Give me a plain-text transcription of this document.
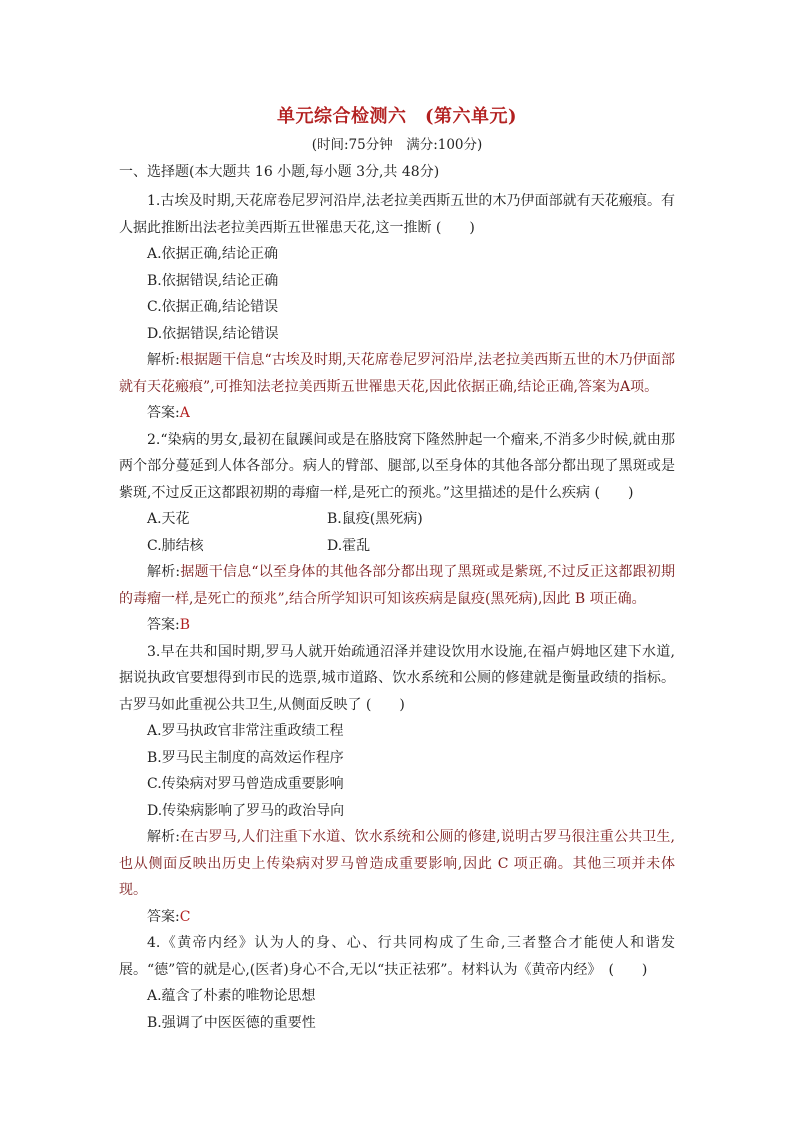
单元综合检测六　(第六单元)
(时间:75分钟　满分:100分)
一、选择题(本大题共 16 小题,每小题 3分,共 48分)

1.古埃及时期,天花席卷尼罗河沿岸,法老拉美西斯五世的木乃伊面部就有天花瘢痕。有人据此推断出法老拉美西斯五世罹患天花,这一推断 (　　)

A.依据正确,结论正确

B.依据错误,结论正确

C.依据正确,结论错误

D.依据错误,结论错误

解析:根据题干信息“古埃及时期,天花席卷尼罗河沿岸,法老拉美西斯五世的木乃伊面部就有天花瘢痕”,可推知法老拉美西斯五世罹患天花,因此依据正确,结论正确,答案为A项。

答案:A

2.“染病的男女,最初在鼠蹊间或是在胳肢窝下隆然肿起一个瘤来,不消多少时候,就由那两个部分蔓延到人体各部分。病人的臂部、腿部,以至身体的其他各部分都出现了黑斑或是紫斑,不过反正这都跟初期的毒瘤一样,是死亡的预兆。”这里描述的是什么疾病 (　　)

A.天花	B.鼠疫(黑死病)
C.肺结核	D.霍乱

解析:据题干信息“以至身体的其他各部分都出现了黑斑或是紫斑,不过反正这都跟初期的毒瘤一样,是死亡的预兆”,结合所学知识可知该疾病是鼠疫(黑死病),因此 B 项正确。

答案:B

3.早在共和国时期,罗马人就开始疏通沼泽并建设饮用水设施,在福卢姆地区建下水道,据说执政官要想得到市民的选票,城市道路、饮水系统和公厕的修建就是衡量政绩的指标。古罗马如此重视公共卫生,从侧面反映了 (　　)

A.罗马执政官非常注重政绩工程

B.罗马民主制度的高效运作程序

C.传染病对罗马曾造成重要影响

D.传染病影响了罗马的政治导向

解析:在古罗马,人们注重下水道、饮水系统和公厕的修建,说明古罗马很注重公共卫生,也从侧面反映出历史上传染病对罗马曾造成重要影响,因此 C 项正确。其他三项并未体现。

答案:C

4.《黄帝内经》认为人的身、心、行共同构成了生命,三者整合才能使人和谐发展。“德”管的就是心,(医者)身心不合,无以“扶正祛邪”。材料认为《黄帝内经》　(　　)

A.蕴含了朴素的唯物论思想

B.强调了中医医德的重要性
